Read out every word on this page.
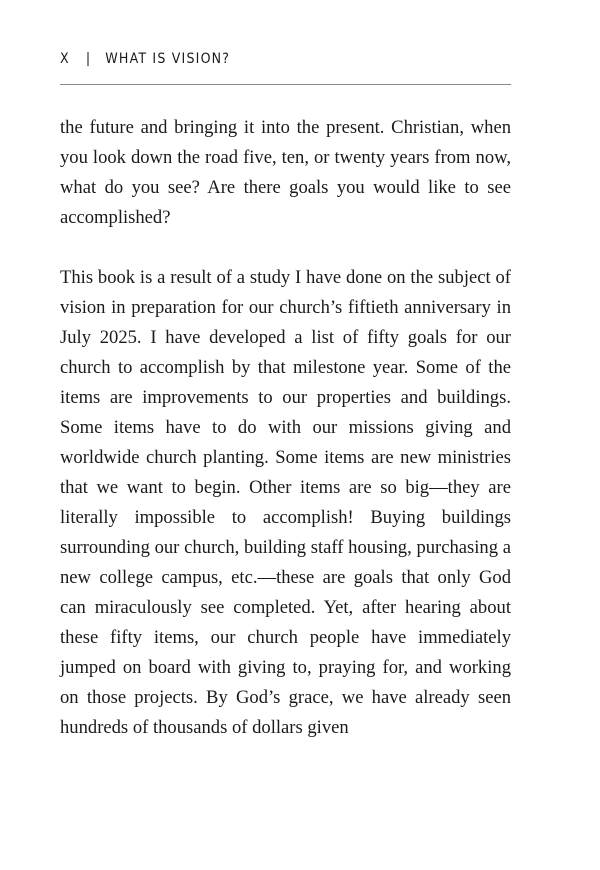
X | WHAT IS VISION?

the future and bringing it into the present. Christian, when you look down the road five, ten, or twenty years from now, what do you see? Are there goals you would like to see accomplished?

This book is a result of a study I have done on the subject of vision in preparation for our church’s fiftieth anniversary in July 2025. I have developed a list of fifty goals for our church to accomplish by that milestone year. Some of the items are improvements to our properties and buildings. Some items have to do with our missions giving and worldwide church planting. Some items are new ministries that we want to begin. Other items are so big—they are literally impossible to accomplish! Buying buildings surrounding our church, building staff housing, purchasing a new college campus, etc.—these are goals that only God can miraculously see completed. Yet, after hearing about these fifty items, our church people have immediately jumped on board with giving to, praying for, and working on those projects. By God’s grace, we have already seen hundreds of thousands of dollars given
